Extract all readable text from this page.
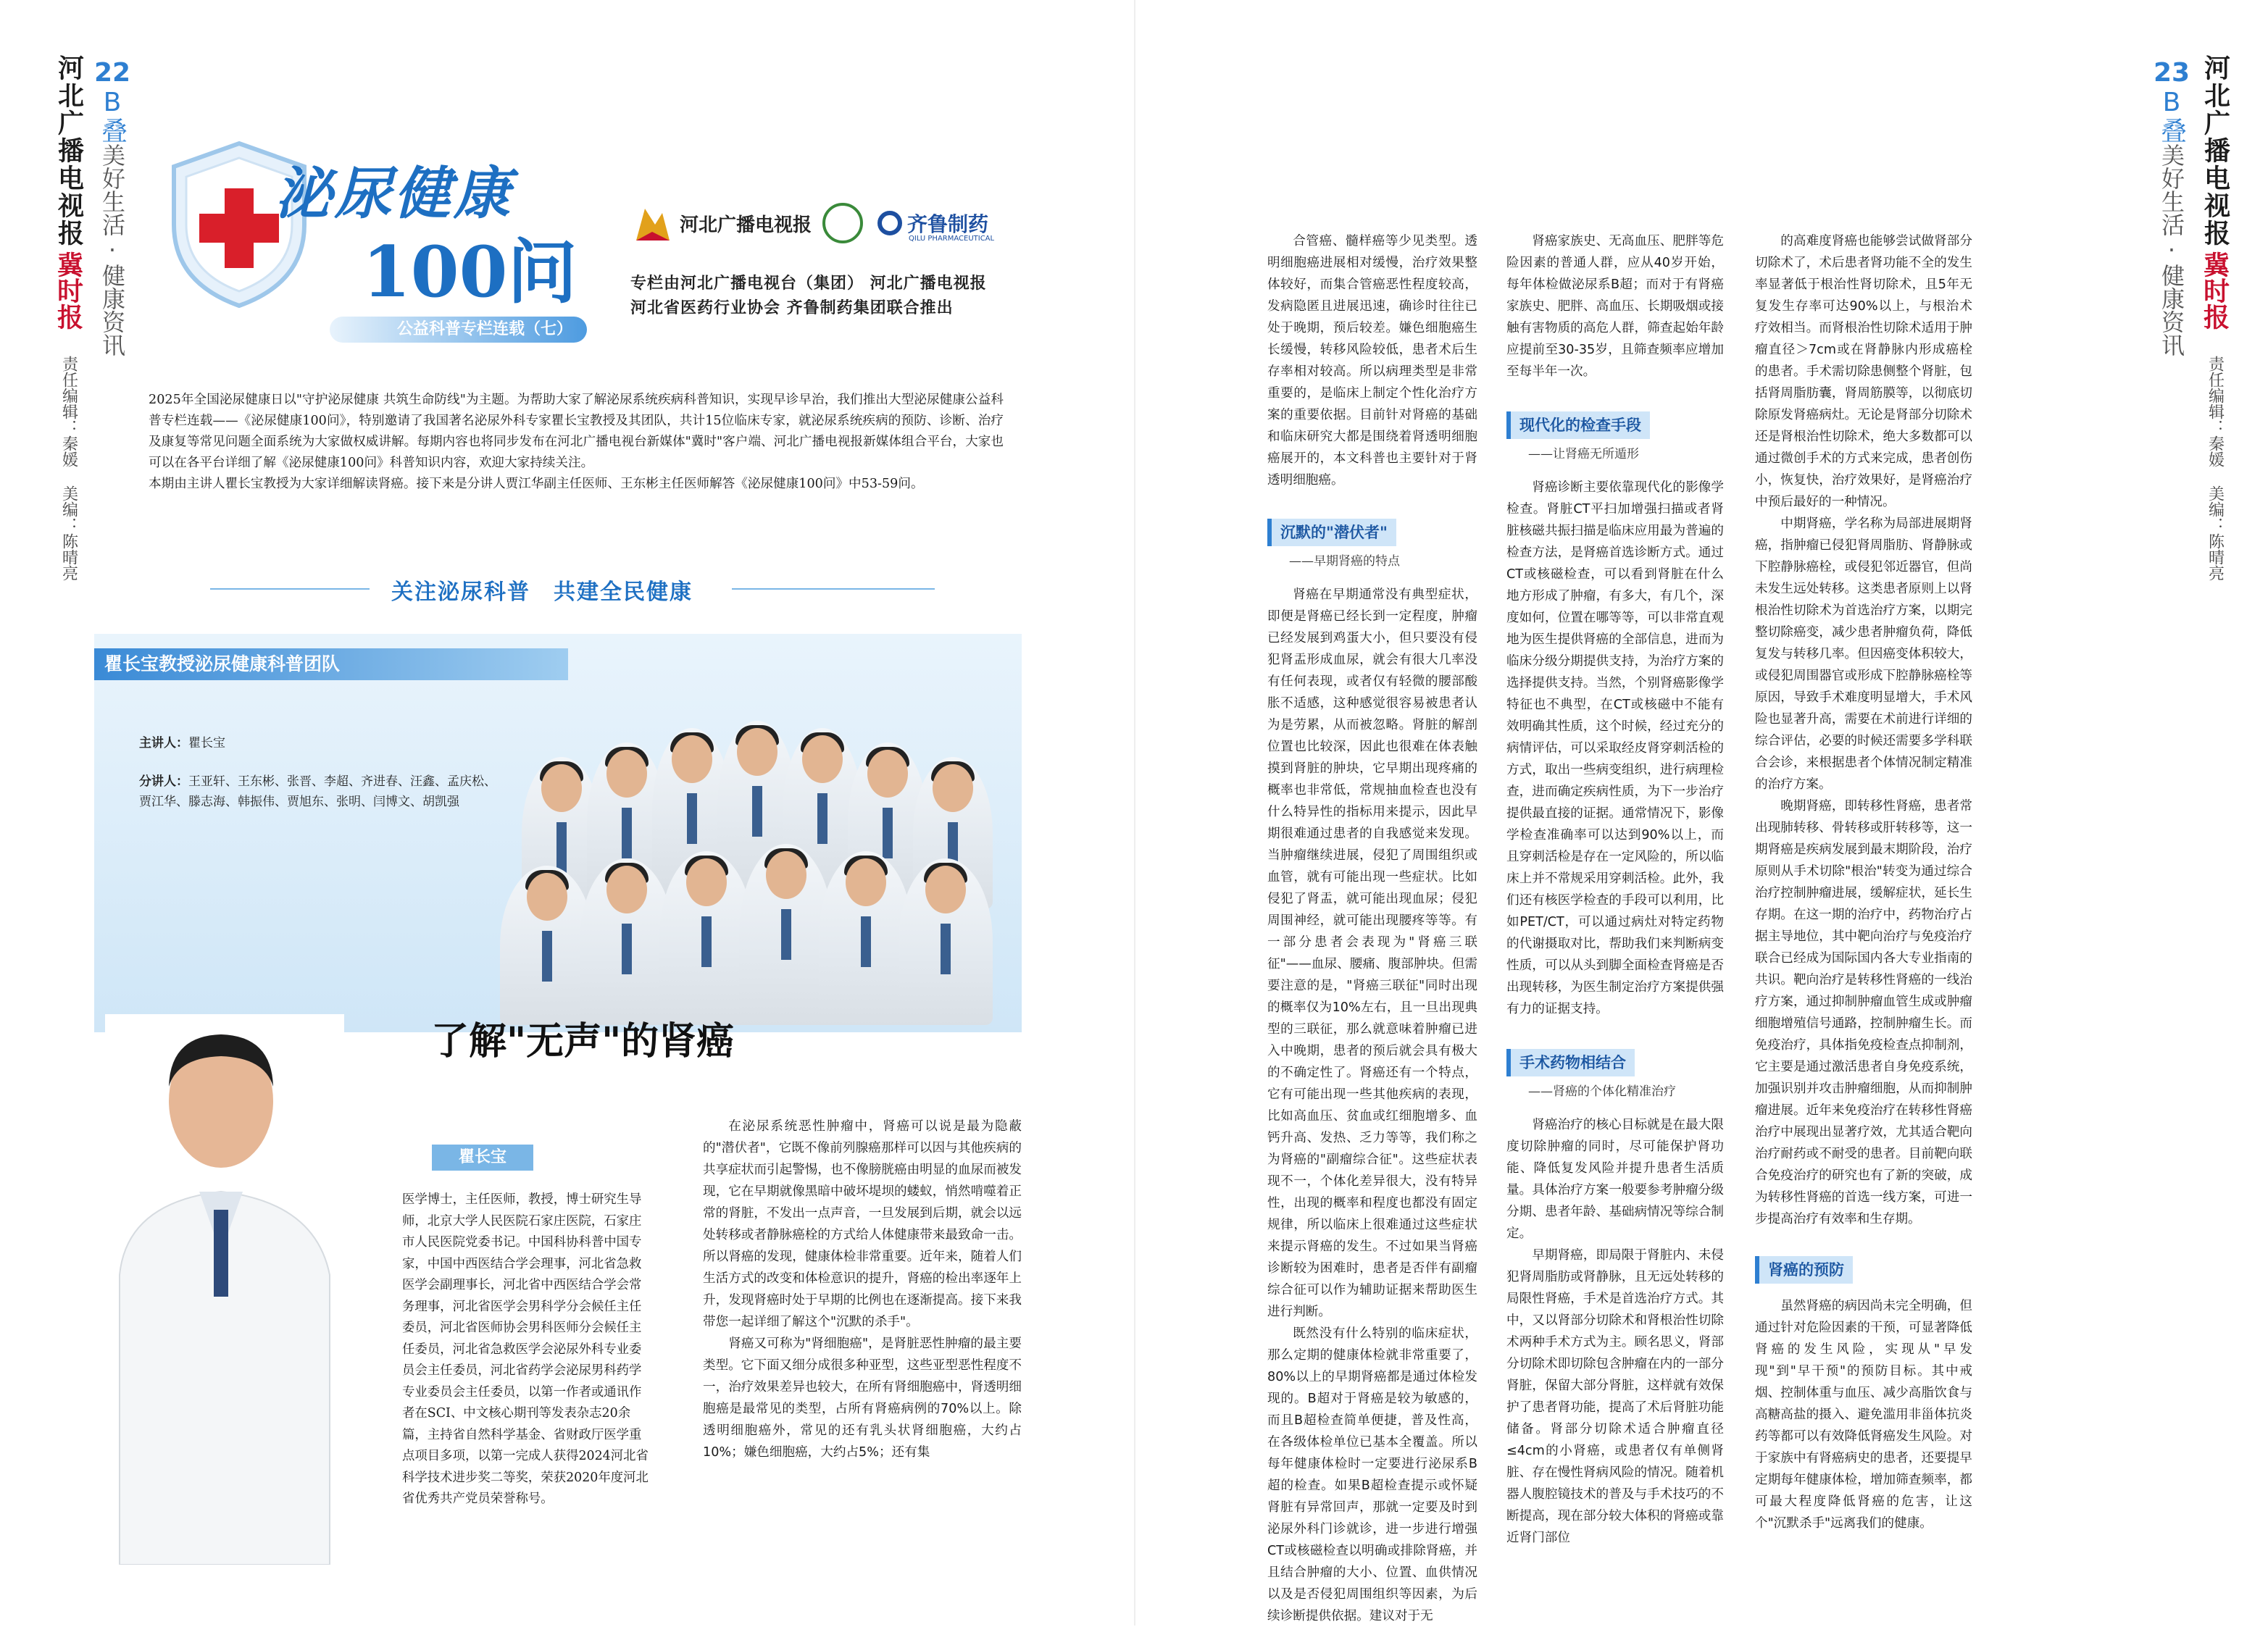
河北广播电视报
冀时报
责任编辑：秦媛 美编：陈晴亮
22
B叠
美好生活·健康资讯	泌尿健康
100问
公益科普专栏连载（七）
河北广播电视报	齐鲁制药
QILU PHARMACEUTICAL
专栏由河北广播电视台（集团） 河北广播电视报
河北省医药行业协会 齐鲁制药集团联合推出

2025年全国泌尿健康日以"守护泌尿健康 共筑生命防线"为主题。为帮助大家了解泌尿系统疾病科普知识，实现早诊早治，我们推出大型泌尿健康公益科普专栏连载——《泌尿健康100问》，特别邀请了我国著名泌尿外科专家瞿长宝教授及其团队，共计15位临床专家，就泌尿系统疾病的预防、诊断、治疗及康复等常见问题全面系统为大家做权威讲解。每期内容也将同步发布在河北广播电视台新媒体"冀时"客户端、河北广播电视报新媒体组合平台，大家也可以在各平台详细了解《泌尿健康100问》科普知识内容，欢迎大家持续关注。

本期由主讲人瞿长宝教授为大家详细解读肾癌。接下来是分讲人贾江华副主任医师、王东彬主任医师解答《泌尿健康100问》中53-59问。

关注泌尿科普　共建全民健康
瞿长宝教授泌尿健康科普团队
主讲人：瞿长宝
分讲人：王亚轩、王东彬、张晋、李超、齐进春、汪鑫、孟庆松、贾江华、滕志海、韩振伟、贾旭东、张明、闫博文、胡凯强
了解"无声"的肾癌
瞿长宝
医学博士，主任医师，教授，博士研究生导师，北京大学人民医院石家庄医院，石家庄市人民医院党委书记。中国科协科普中国专家，中国中西医结合学会理事，河北省急救医学会副理事长，河北省中西医结合学会常务理事，河北省医学会男科学分会候任主任委员，河北省医师协会男科医师分会候任主任委员，河北省急救医学会泌尿外科专业委员会主任委员，河北省药学会泌尿男科药学专业委员会主任委员，以第一作者或通讯作者在SCI、中文核心期刊等发表杂志20余篇，主持省自然科学基金、省财政厅医学重点项目多项，以第一完成人获得2024河北省科学技术进步奖二等奖，荣获2020年度河北省优秀共产党员荣誉称号。

在泌尿系统恶性肿瘤中，肾癌可以说是最为隐蔽的"潜伏者"，它既不像前列腺癌那样可以因与其他疾病的共享症状而引起警惕，也不像膀胱癌由明显的血尿而被发现，它在早期就像黑暗中破坏堤坝的蝼蚁，悄然啃噬着正常的肾脏，不发出一点声音，一旦发展到后期，就会以远处转移或者静脉癌栓的方式给人体健康带来最致命一击。所以肾癌的发现，健康体检非常重要。近年来，随着人们生活方式的改变和体检意识的提升，肾癌的检出率逐年上升，发现肾癌时处于早期的比例也在逐渐提高。接下来我带您一起详细了解这个"沉默的杀手"。

肾癌又可称为"肾细胞癌"，是肾脏恶性肿瘤的最主要类型。它下面又细分成很多种亚型，这些亚型恶性程度不一，治疗效果差异也较大，在所有肾细胞癌中，肾透明细胞癌是最常见的类型，占所有肾癌病例的70%以上。除透明细胞癌外，常见的还有乳头状肾细胞癌，大约占10%；嫌色细胞癌，大约占5%；还有集

合管癌、髓样癌等少见类型。透明细胞癌进展相对缓慢，治疗效果整体较好，而集合管癌恶性程度较高，发病隐匿且进展迅速，确诊时往往已处于晚期，预后较差。嫌色细胞癌生长缓慢，转移风险较低，患者术后生存率相对较高。所以病理类型是非常重要的，是临床上制定个性化治疗方案的重要依据。目前针对肾癌的基础和临床研究大都是围绕着肾透明细胞癌展开的，本文科普也主要针对于肾透明细胞癌。

沉默的"潜伏者"
——早期肾癌的特点

肾癌在早期通常没有典型症状，即便是肾癌已经长到一定程度，肿瘤已经发展到鸡蛋大小，但只要没有侵犯肾盂形成血尿，就会有很大几率没有任何表现，或者仅有轻微的腰部酸胀不适感，这种感觉很容易被患者认为是劳累，从而被忽略。肾脏的解剖位置也比较深，因此也很难在体表触摸到肾脏的肿块，它早期出现疼痛的概率也非常低，常规抽血检查也没有什么特异性的指标用来提示，因此早期很难通过患者的自我感觉来发现。当肿瘤继续进展，侵犯了周围组织或血管，就有可能出现一些症状。比如侵犯了肾盂，就可能出现血尿；侵犯周围神经，就可能出现腰疼等等。有一部分患者会表现为"肾癌三联征"——血尿、腰痛、腹部肿块。但需要注意的是，"肾癌三联征"同时出现的概率仅为10%左右，且一旦出现典型的三联征，那么就意味着肿瘤已进入中晚期，患者的预后就会具有极大的不确定性了。肾癌还有一个特点，它有可能出现一些其他疾病的表现，比如高血压、贫血或红细胞增多、血钙升高、发热、乏力等等，我们称之为肾癌的"副瘤综合征"。这些症状表现不一，个体化差异很大，没有特异性，出现的概率和程度也都没有固定规律，所以临床上很难通过这些症状来提示肾癌的发生。不过如果当肾癌诊断较为困难时，患者是否伴有副瘤综合征可以作为辅助证据来帮助医生进行判断。

既然没有什么特别的临床症状，那么定期的健康体检就非常重要了，80%以上的早期肾癌都是通过体检发现的。B超对于肾癌是较为敏感的，而且B超检查简单便捷，普及性高，在各级体检单位已基本全覆盖。所以每年健康体检时一定要进行泌尿系B超的检查。如果B超检查提示或怀疑肾脏有异常回声，那就一定要及时到泌尿外科门诊就诊，进一步进行增强CT或核磁检查以明确或排除肾癌，并且结合肿瘤的大小、位置、血供情况以及是否侵犯周围组织等因素，为后续诊断提供依据。建议对于无

肾癌家族史、无高血压、肥胖等危险因素的普通人群，应从40岁开始，每年体检做泌尿系B超；而对于有肾癌家族史、肥胖、高血压、长期吸烟或接触有害物质的高危人群，筛查起始年龄应提前至30-35岁，且筛查频率应增加至每半年一次。

现代化的检查手段
——让肾癌无所遁形

肾癌诊断主要依靠现代化的影像学检查。肾脏CT平扫加增强扫描或者肾脏核磁共振扫描是临床应用最为普遍的检查方法，是肾癌首选诊断方式。通过CT或核磁检查，可以看到肾脏在什么地方形成了肿瘤，有多大，有几个，深度如何，位置在哪等等，可以非常直观地为医生提供肾癌的全部信息，进而为临床分级分期提供支持，为治疗方案的选择提供支持。当然，个别肾癌影像学特征也不典型，在CT或核磁中不能有效明确其性质，这个时候，经过充分的病情评估，可以采取经皮肾穿刺活检的方式，取出一些病变组织，进行病理检查，进而确定疾病性质，为下一步治疗提供最直接的证据。通常情况下，影像学检查准确率可以达到90%以上，而且穿刺活检是存在一定风险的，所以临床上并不常规采用穿刺活检。此外，我们还有核医学检查的手段可以利用，比如PET/CT，可以通过病灶对特定药物的代谢摄取对比，帮助我们来判断病变性质，可以从头到脚全面检查肾癌是否出现转移，为医生制定治疗方案提供强有力的证据支持。

手术药物相结合
——肾癌的个体化精准治疗

肾癌治疗的核心目标就是在最大限度切除肿瘤的同时，尽可能保护肾功能、降低复发风险并提升患者生活质量。具体治疗方案一般要参考肿瘤分级分期、患者年龄、基础病情况等综合制定。

早期肾癌，即局限于肾脏内、未侵犯肾周脂肪或肾静脉，且无远处转移的局限性肾癌，手术是首选治疗方式。其中，又以肾部分切除术和肾根治性切除术两种手术方式为主。顾名思义，肾部分切除术即切除包含肿瘤在内的一部分肾脏，保留大部分肾脏，这样就有效保护了患者肾功能，提高了术后肾脏功能储备。肾部分切除术适合肿瘤直径≤4cm的小肾癌，或患者仅有单侧肾脏、存在慢性肾病风险的情况。随着机器人腹腔镜技术的普及与手术技巧的不断提高，现在部分较大体积的肾癌或靠近肾门部位

的高难度肾癌也能够尝试做肾部分切除术了，术后患者肾功能不全的发生率显著低于根治性肾切除术，且5年无复发生存率可达90%以上，与根治术疗效相当。而肾根治性切除术适用于肿瘤直径＞7cm或在肾静脉内形成癌栓的患者。手术需切除患侧整个肾脏，包括肾周脂肪囊，肾周筋膜等，以彻底切除原发肾癌病灶。无论是肾部分切除术还是肾根治性切除术，绝大多数都可以通过微创手术的方式来完成，患者创伤小，恢复快，治疗效果好，是肾癌治疗中预后最好的一种情况。

中期肾癌，学名称为局部进展期肾癌，指肿瘤已侵犯肾周脂肪、肾静脉或下腔静脉癌栓，或侵犯邻近器官，但尚未发生远处转移。这类患者原则上以肾根治性切除术为首选治疗方案，以期完整切除癌变，减少患者肿瘤负荷，降低复发与转移几率。但因癌变体积较大，或侵犯周围器官或形成下腔静脉癌栓等原因，导致手术难度明显增大，手术风险也显著升高，需要在术前进行详细的综合评估，必要的时候还需要多学科联合会诊，来根据患者个体情况制定精准的治疗方案。

晚期肾癌，即转移性肾癌，患者常出现肺转移、骨转移或肝转移等，这一期肾癌是疾病发展到最末期阶段，治疗原则从手术切除"根治"转变为通过综合治疗控制肿瘤进展，缓解症状，延长生存期。在这一期的治疗中，药物治疗占据主导地位，其中靶向治疗与免疫治疗联合已经成为国际国内各大专业指南的共识。靶向治疗是转移性肾癌的一线治疗方案，通过抑制肿瘤血管生成或肿瘤细胞增殖信号通路，控制肿瘤生长。而免疫治疗，具体指免疫检查点抑制剂，它主要是通过激活患者自身免疫系统，加强识别并攻击肿瘤细胞，从而抑制肿瘤进展。近年来免疫治疗在转移性肾癌治疗中展现出显著疗效，尤其适合靶向治疗耐药或不耐受的患者。目前靶向联合免疫治疗的研究也有了新的突破，成为转移性肾癌的首选一线方案，可进一步提高治疗有效率和生存期。

肾癌的预防

虽然肾癌的病因尚未完全明确，但通过针对危险因素的干预，可显著降低肾癌的发生风险，实现从"早发现"到"早干预"的预防目标。其中戒烟、控制体重与血压、减少高脂饮食与高糖高盐的摄入、避免滥用非甾体抗炎药等都可以有效降低肾癌发生风险。对于家族中有肾癌病史的患者，还要提早定期每年健康体检，增加筛查频率，都可最大程度降低肾癌的危害，让这个"沉默杀手"远离我们的健康。

23
B叠
美好生活·健康资讯 河北广播电视报
冀时报
责任编辑：秦媛 美编：陈晴亮
